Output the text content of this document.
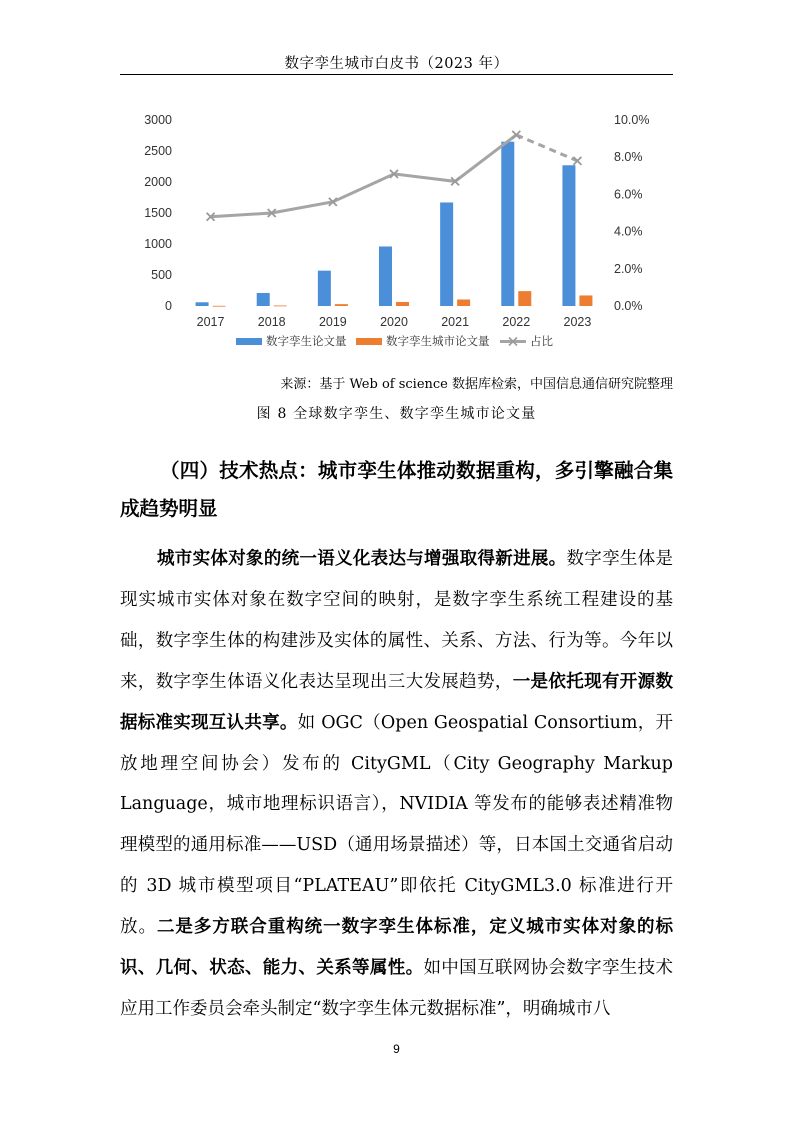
数字孪生城市白皮书（2023 年）
0
500
1000
1500
2000
2500
3000
0.0%
2.0%
4.0%
6.0%
8.0%
10.0%
2017	2018	2019	2020	2021	2022	2023
数字孪生论文量	数字孪生城市论文量	占比
来源：基于 Web of science 数据库检索，中国信息通信研究院整理
图 8 全球数字孪生、数字孪生城市论文量
（四）技术热点：城市孪生体推动数据重构，多引擎融合集成趋势明显
城市实体对象的统一语义化表达与增强取得新进展。数字孪生体是现实城市实体对象在数字空间的映射，是数字孪生系统工程建设的基础，数字孪生体的构建涉及实体的属性、关系、方法、行为等。今年以来，数字孪生体语义化表达呈现出三大发展趋势，一是依托现有开源数据标准实现互认共享。如 OGC（Open Geospatial Consortium，开放地理空间协会）发布的 CityGML（City Geography Markup Language，城市地理标识语言），NVIDIA 等发布的能够表述精准物理模型的通用标准——USD（通用场景描述）等，日本国土交通省启动的 3D 城市模型项目“PLATEAU”即依托 CityGML3.0 标准进行开放。二是多方联合重构统一数字孪生体标准，定义城市实体对象的标识、几何、状态、能力、关系等属性。如中国互联网协会数字孪生技术应用工作委员会牵头制定“数字孪生体元数据标准”，明确城市八
9
